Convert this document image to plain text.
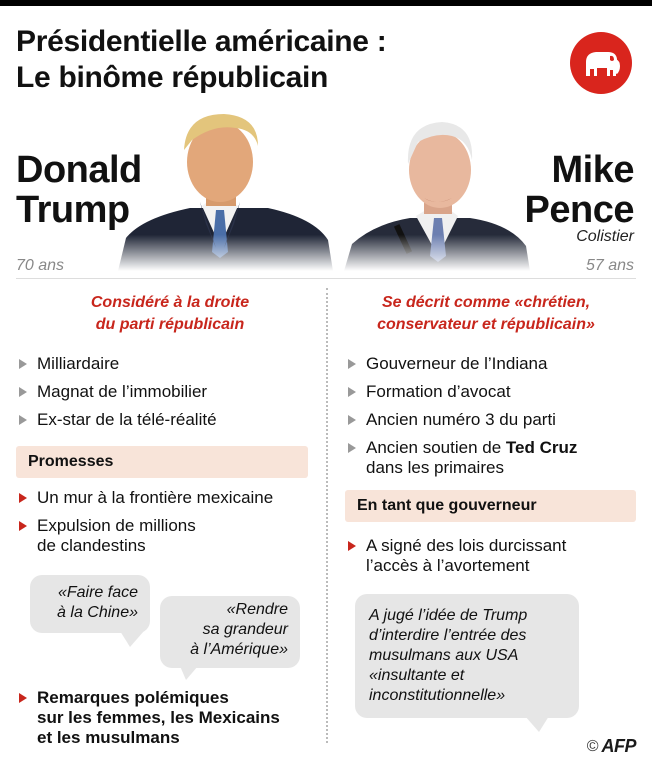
Présidentielle américaine :
Le binôme républicain
Donald
Trump
Mike
Pence
Colistier
70 ans	57 ans
Considéré à la droite
du parti républicain
Se décrit comme «chrétien,
conservateur et républicain»
Milliardaire
Magnat de l’immobilier
Ex-star de la télé-réalité
Gouverneur de l’Indiana
Formation d’avocat
Ancien numéro 3 du parti
Ancien soutien de Ted Cruz
dans les primaires
Promesses
En tant que gouverneur
Un mur à la frontière mexicaine
Expulsion de millions
de clandestins	A signé des lois durcissant
l’accès à l’avortement
«Faire face
à la Chine»	«Rendre
sa grandeur
à l’Amérique»
A jugé l’idée de Trump
d’interdire l’entrée des
musulmans aux USA
«insultante et
inconstitutionnelle»
Remarques polémiques
sur les femmes, les Mexicains
et les musulmans	© AFP
